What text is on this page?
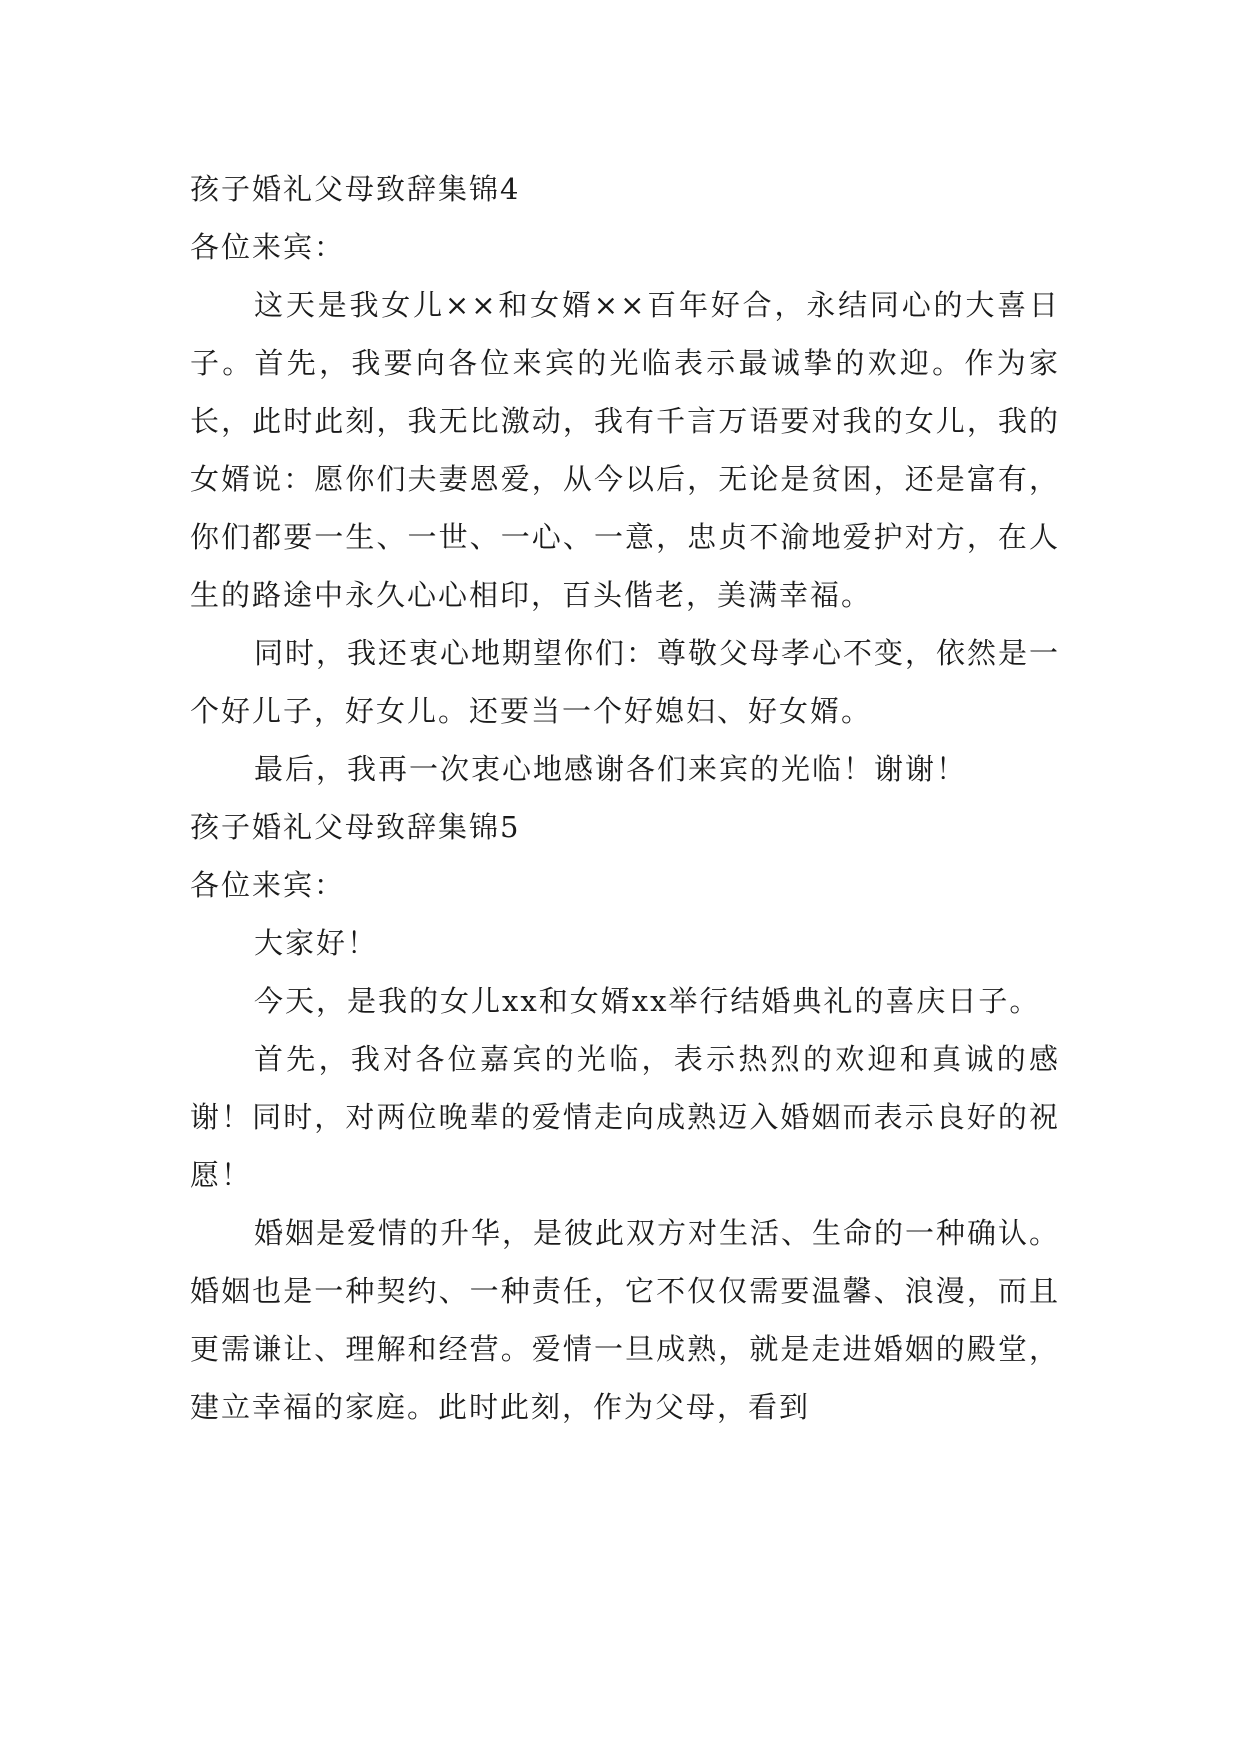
孩子婚礼父母致辞集锦4

各位来宾：

这天是我女儿××和女婿××百年好合，永结同心的大喜日子。首先，我要向各位来宾的光临表示最诚挚的欢迎。作为家长，此时此刻，我无比激动，我有千言万语要对我的女儿，我的女婿说：愿你们夫妻恩爱，从今以后，无论是贫困，还是富有，你们都要一生、一世、一心、一意，忠贞不渝地爱护对方，在人生的路途中永久心心相印，百头偕老，美满幸福。

同时，我还衷心地期望你们：尊敬父母孝心不变，依然是一个好儿子，好女儿。还要当一个好媳妇、好女婿。

最后，我再一次衷心地感谢各们来宾的光临！谢谢！

孩子婚礼父母致辞集锦5

各位来宾：

大家好！

今天，是我的女儿xx和女婿xx举行结婚典礼的喜庆日子。

首先，我对各位嘉宾的光临，表示热烈的欢迎和真诚的感谢！同时，对两位晚辈的爱情走向成熟迈入婚姻而表示良好的祝愿！

婚姻是爱情的升华，是彼此双方对生活、生命的一种确认。婚姻也是一种契约、一种责任，它不仅仅需要温馨、浪漫，而且更需谦让、理解和经营。爱情一旦成熟，就是走进婚姻的殿堂，建立幸福的家庭。此时此刻，作为父母，看到
